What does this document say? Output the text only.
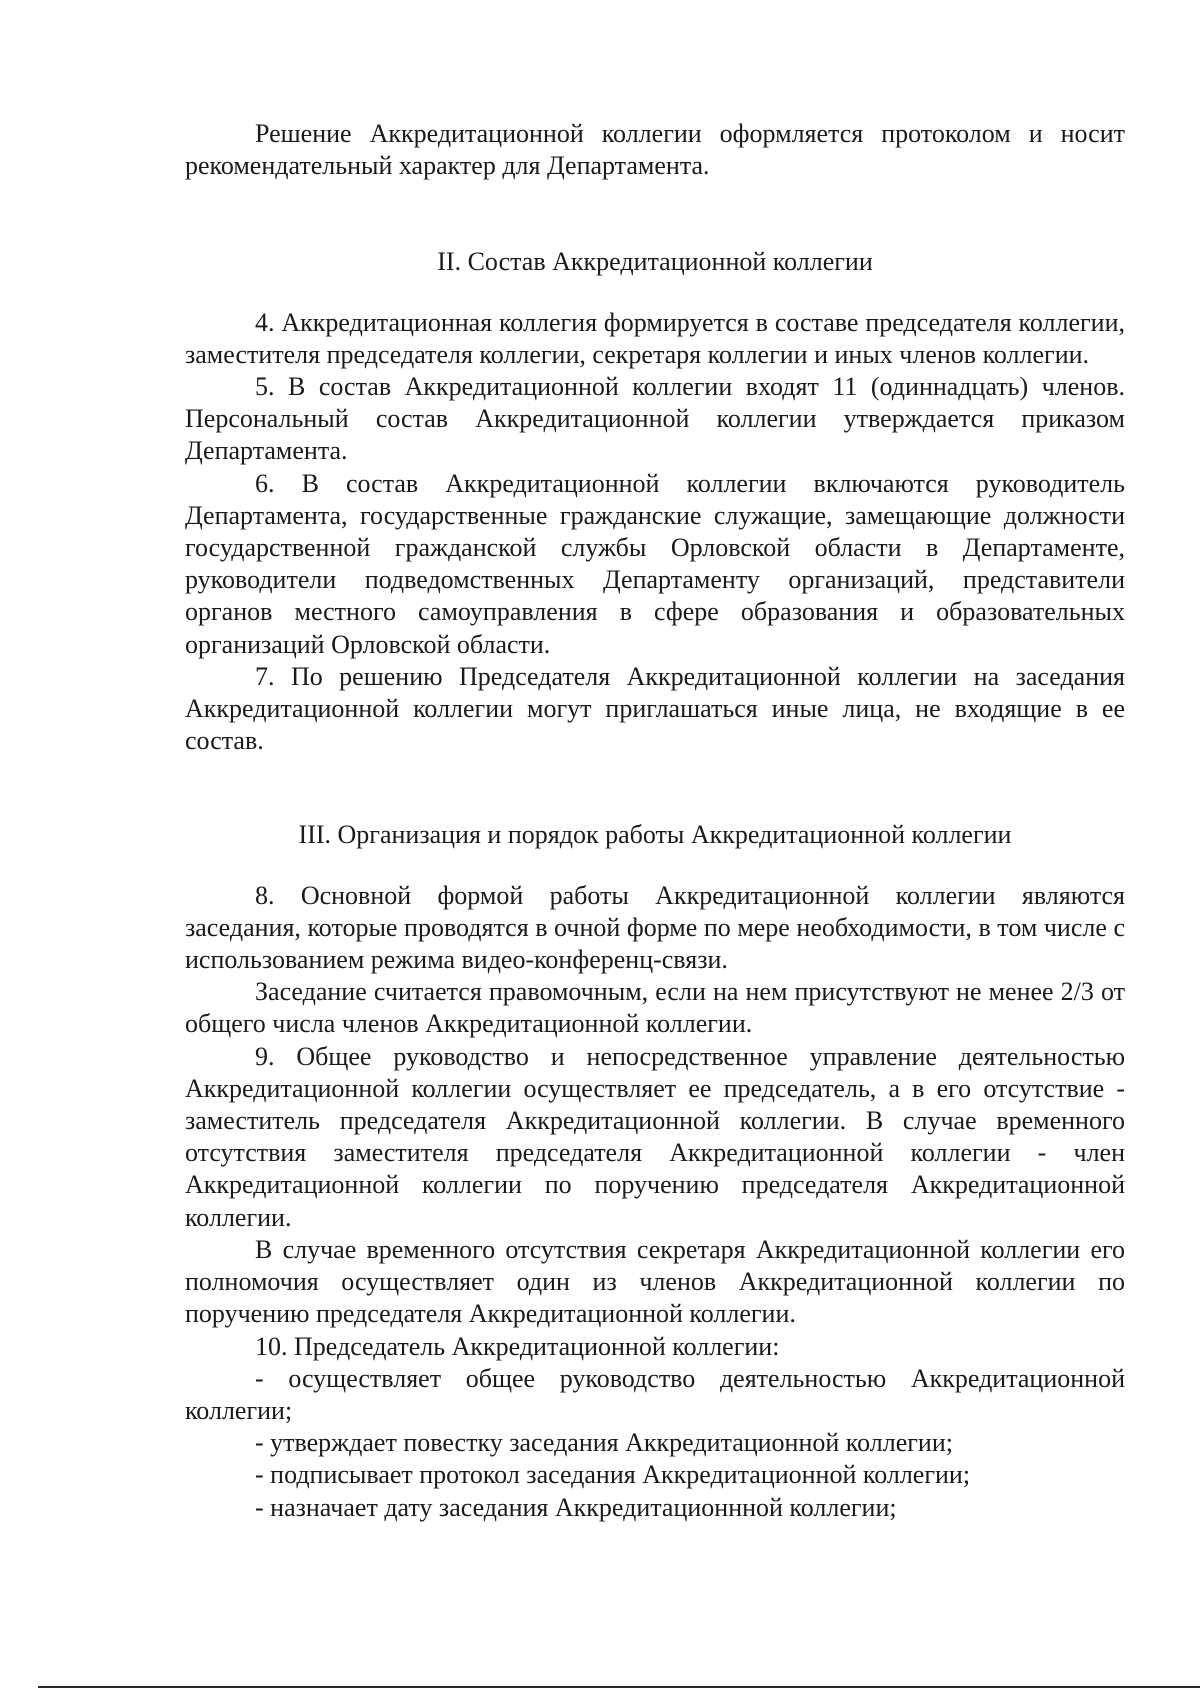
Решение Аккредитационной коллегии оформляется протоколом и носит рекомендательный характер для Департамента.

II. Состав Аккредитационной коллегии

4. Аккредитационная коллегия формируется в составе председателя коллегии, заместителя председателя коллегии, секретаря коллегии и иных членов коллегии.

5. В состав Аккредитационной коллегии входят 11 (одиннадцать) членов. Персональный состав Аккредитационной коллегии утверждается приказом Департамента.

6. В состав Аккредитационной коллегии включаются руководитель Департамента, государственные гражданские служащие, замещающие должности государственной гражданской службы Орловской области в Департаменте, руководители подведомственных Департаменту организаций, представители органов местного самоуправления в сфере образования и образовательных организаций Орловской области.

7. По решению Председателя Аккредитационной коллегии на заседания Аккредитационной коллегии могут приглашаться иные лица, не входящие в ее состав.

III. Организация и порядок работы Аккредитационной коллегии

8. Основной формой работы Аккредитационной коллегии являются заседания, которые проводятся в очной форме по мере необходимости, в том числе с использованием режима видео-конференц-связи.

Заседание считается правомочным, если на нем присутствуют не менее 2/3 от общего числа членов Аккредитационной коллегии.

9. Общее руководство и непосредственное управление деятельностью Аккредитационной коллегии осуществляет ее председатель, а в его отсутствие - заместитель председателя Аккредитационной коллегии. В случае временного отсутствия заместителя председателя Аккредитационной коллегии - член Аккредитационной коллегии по поручению председателя Аккредитационной коллегии.

В случае временного отсутствия секретаря Аккредитационной коллегии его полномочия осуществляет один из членов Аккредитационной коллегии по поручению председателя Аккредитационной коллегии.

10. Председатель Аккредитационной коллегии:

- осуществляет общее руководство деятельностью Аккредитационной коллегии;

- утверждает повестку заседания Аккредитационной коллегии;

- подписывает протокол заседания Аккредитационной коллегии;

- назначает дату заседания Аккредитационнной коллегии;
